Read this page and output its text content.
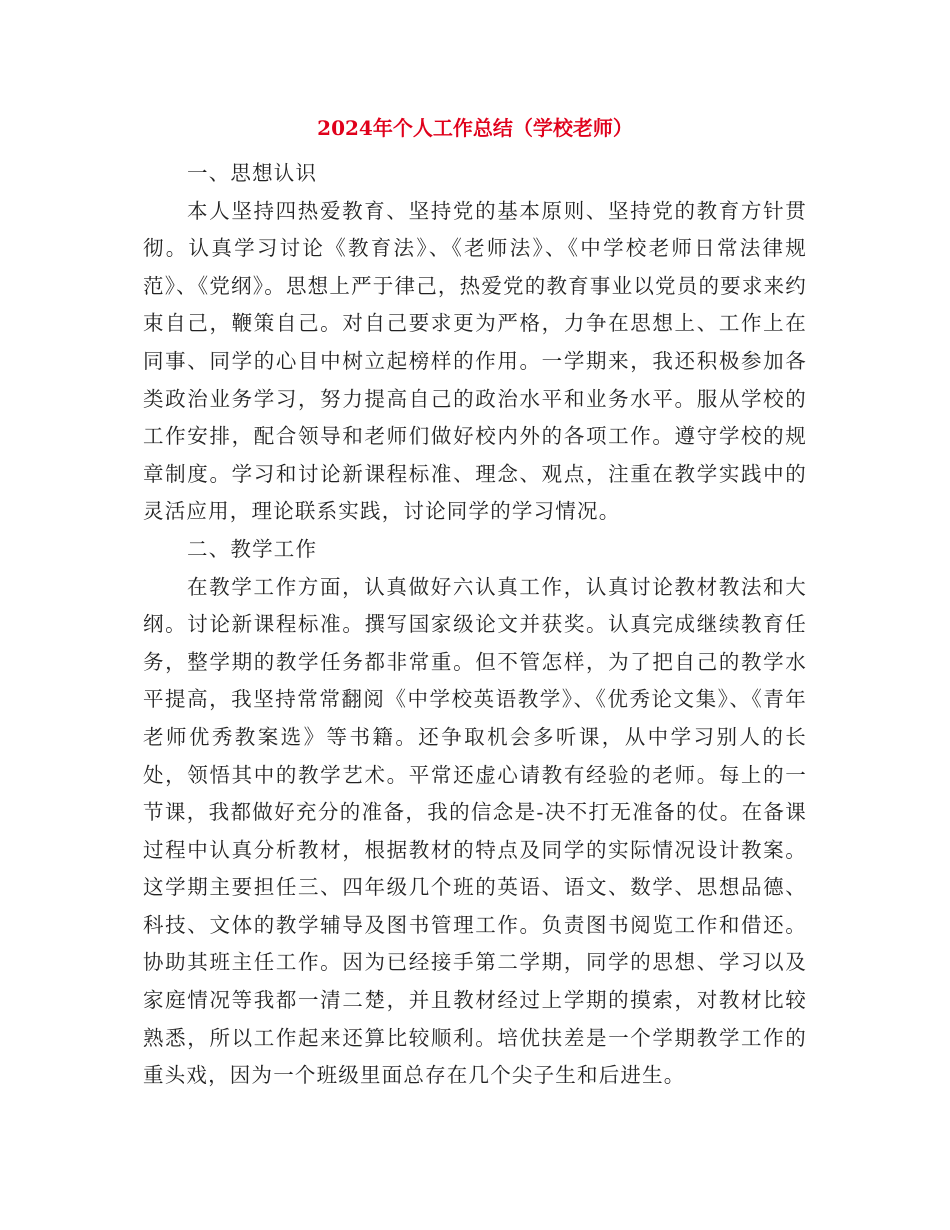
2024年个人工作总结（学校老师）

一、思想认识

本人坚持四热爱教育、坚持党的基本原则、坚持党的教育方针贯彻。认真学习讨论《教育法》、《老师法》、《中学校老师日常法律规范》、《党纲》。思想上严于律己，热爱党的教育事业以党员的要求来约束自己，鞭策自己。对自己要求更为严格，力争在思想上、工作上在同事、同学的心目中树立起榜样的作用。一学期来，我还积极参加各类政治业务学习，努力提高自己的政治水平和业务水平。服从学校的工作安排，配合领导和老师们做好校内外的各项工作。遵守学校的规章制度。学习和讨论新课程标准、理念、观点，注重在教学实践中的灵活应用，理论联系实践，讨论同学的学习情况。

二、教学工作

在教学工作方面，认真做好六认真工作，认真讨论教材教法和大纲。讨论新课程标准。撰写国家级论文并获奖。认真完成继续教育任务，整学期的教学任务都非常重。但不管怎样，为了把自己的教学水平提高，我坚持常常翻阅《中学校英语教学》、《优秀论文集》、《青年老师优秀教案选》等书籍。还争取机会多听课，从中学习别人的长处，领悟其中的教学艺术。平常还虚心请教有经验的老师。每上的一节课，我都做好充分的准备，我的信念是-决不打无准备的仗。在备课过程中认真分析教材，根据教材的特点及同学的实际情况设计教案。这学期主要担任三、四年级几个班的英语、语文、数学、思想品德、科技、文体的教学辅导及图书管理工作。负责图书阅览工作和借还。协助其班主任工作。因为已经接手第二学期，同学的思想、学习以及家庭情况等我都一清二楚，并且教材经过上学期的摸索，对教材比较熟悉，所以工作起来还算比较顺利。培优扶差是一个学期教学工作的重头戏，因为一个班级里面总存在几个尖子生和后进生。
